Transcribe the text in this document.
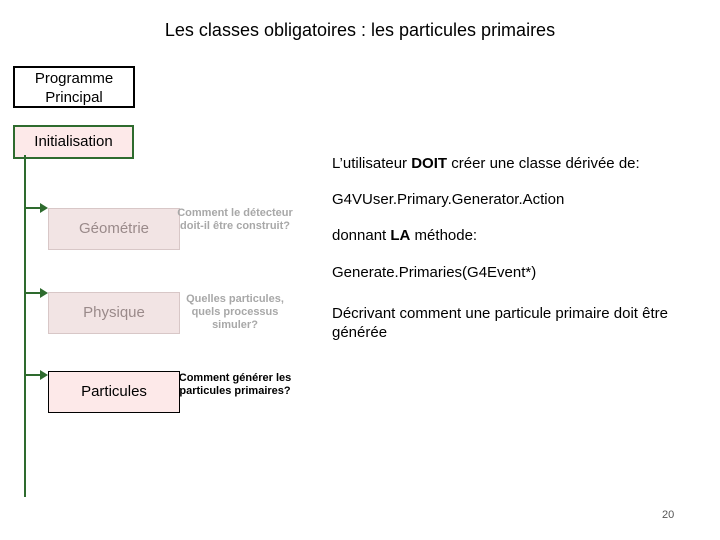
Les classes obligatoires : les particules primaires
Programme
Principal
Initialisation
Géométrie
Physique
Particules
Comment le détecteur doit-il être construit?
Quelles particules, quels processus simuler?
Comment générer les particules primaires?
L’utilisateur DOIT créer une classe dérivée de:
G4VUser.Primary.Generator.Action
donnant LA méthode:
Generate.Primaries(G4Event*)
Décrivant comment une particule primaire doit être générée
20
